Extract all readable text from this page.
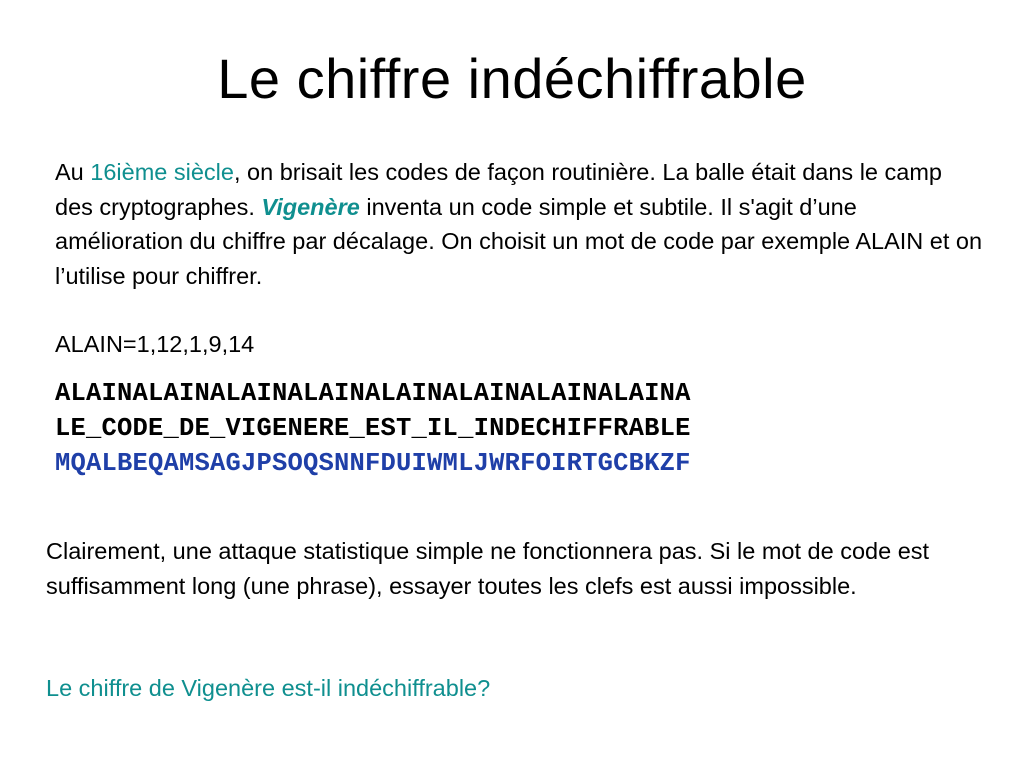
Le chiffre indéchiffrable
Au 16ième siècle, on brisait les codes de façon routinière. La balle était dans le camp des cryptographes. Vigenère inventa un code simple et subtile. Il s'agit d’une amélioration du chiffre par décalage. On choisit un mot de code par exemple ALAIN et on l’utilise pour chiffrer.
ALAIN=1,12,1,9,14
ALAINALAINALAINALAINALAINALAINALAINALAINA
LE_CODE_DE_VIGENERE_EST_IL_INDECHIFFRABLE
MQALBEQAMSAGJPSOQSNNFDUIWMLJWRFOIRTGCBKZF
Clairement, une attaque statistique simple ne fonctionnera pas. Si le mot de code est suffisamment long (une phrase), essayer toutes les clefs est aussi impossible.
Le chiffre de Vigenère est-il indéchiffrable?
